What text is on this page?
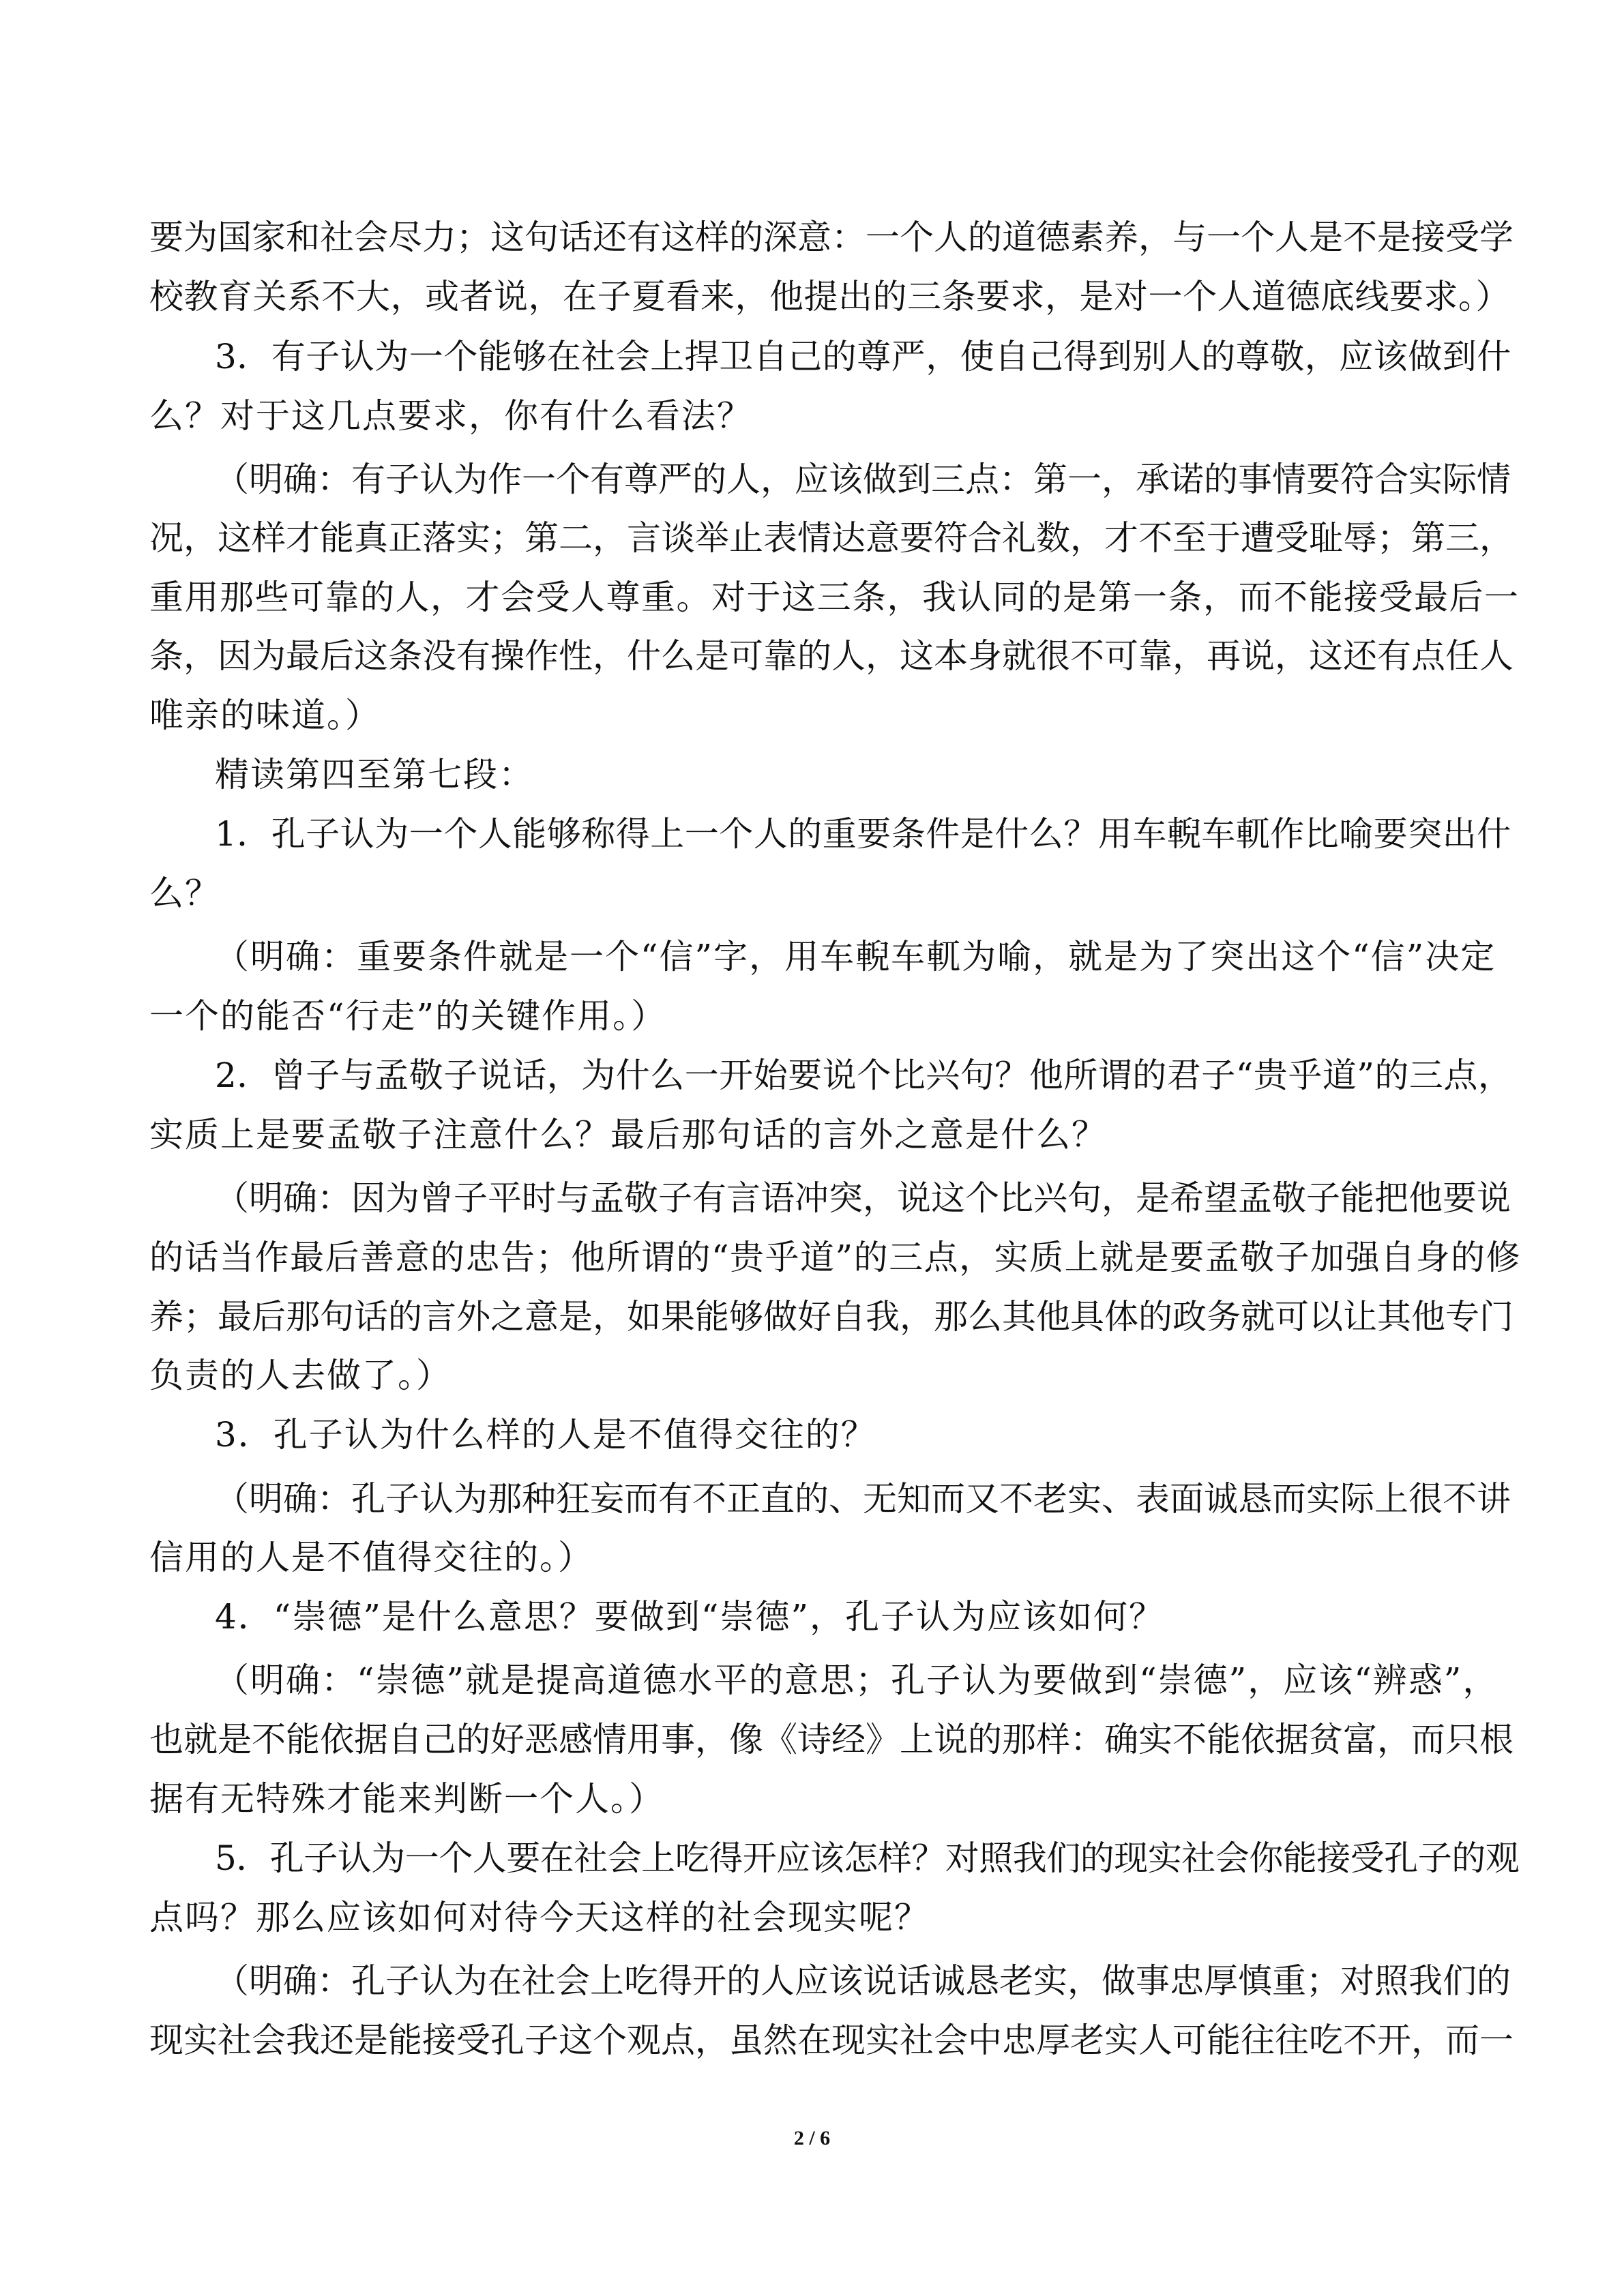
要为国家和社会尽力；这句话还有这样的深意：一个人的道德素养，与一个人是不是接受学
校教育关系不大，或者说，在子夏看来，他提出的三条要求，是对一个人道德底线要求。）
3．有子认为一个能够在社会上捍卫自己的尊严，使自己得到别人的尊敬，应该做到什
么？对于这几点要求，你有什么看法？
（明确：有子认为作一个有尊严的人，应该做到三点：第一，承诺的事情要符合实际情
况，这样才能真正落实；第二，言谈举止表情达意要符合礼数，才不至于遭受耻辱；第三，
重用那些可靠的人，才会受人尊重。对于这三条，我认同的是第一条，而不能接受最后一
条，因为最后这条没有操作性，什么是可靠的人，这本身就很不可靠，再说，这还有点任人
唯亲的味道。）
精读第四至第七段：
1．孔子认为一个人能够称得上一个人的重要条件是什么？用车輗车軏作比喻要突出什
么？
（明确：重要条件就是一个“信”字，用车輗车軏为喻，就是为了突出这个“信”决定
一个的能否“行走”的关键作用。）
2．曾子与孟敬子说话，为什么一开始要说个比兴句？他所谓的君子“贵乎道”的三点，
实质上是要孟敬子注意什么？最后那句话的言外之意是什么？
（明确：因为曾子平时与孟敬子有言语冲突，说这个比兴句，是希望孟敬子能把他要说
的话当作最后善意的忠告；他所谓的“贵乎道”的三点，实质上就是要孟敬子加强自身的修
养；最后那句话的言外之意是，如果能够做好自我，那么其他具体的政务就可以让其他专门
负责的人去做了。）
3．孔子认为什么样的人是不值得交往的？
（明确：孔子认为那种狂妄而有不正直的、无知而又不老实、表面诚恳而实际上很不讲
信用的人是不值得交往的。）
4．“崇德”是什么意思？要做到“崇德”，孔子认为应该如何？
（明确：“崇德”就是提高道德水平的意思；孔子认为要做到“崇德”，应该“辨惑”，
也就是不能依据自己的好恶感情用事，像《诗经》上说的那样：确实不能依据贫富，而只根
据有无特殊才能来判断一个人。）
5．孔子认为一个人要在社会上吃得开应该怎样？对照我们的现实社会你能接受孔子的观
点吗？那么应该如何对待今天这样的社会现实呢？
（明确：孔子认为在社会上吃得开的人应该说话诚恳老实，做事忠厚慎重；对照我们的
现实社会我还是能接受孔子这个观点，虽然在现实社会中忠厚老实人可能往往吃不开，而一
2 / 6
